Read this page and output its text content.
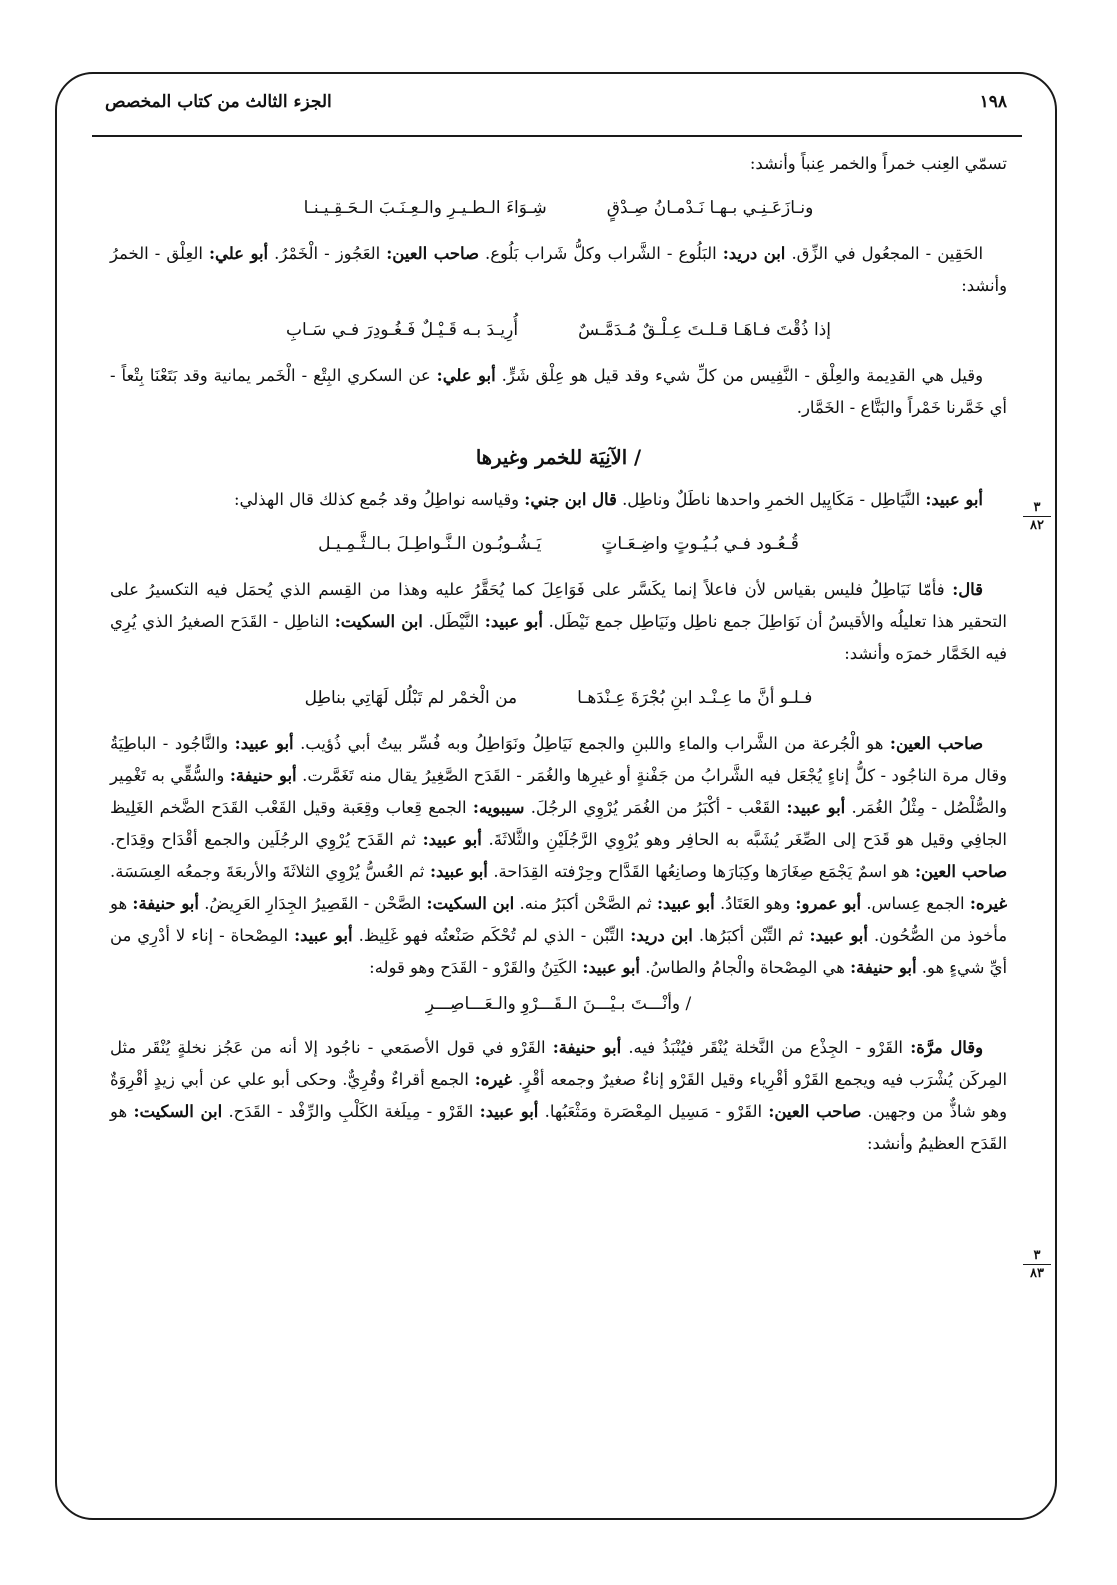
١٩٨
الجزء الثالث من كتاب المخصص
٣
٨٢
٣
٨٣

تسمّي العِنب خمراً والخمر عِنباً وأنشد:

ونـازَعَـنِـي بـهـا نَـدْمـانُ صِـدْقٍ
شِـوَاءَ الـطـيـرِ والـعِـنَـبَ الـحَـقِـيـنـا

الحَقِين - المجعُول في الزِّق. ابن دريد: البَلُوع - الشَّراب وكلُّ شَراب بَلُوع. صاحب العين: العَجُوز - الْخَمْرُ. أبو علي: العِلْق - الخمرُ وأنشد:

إذا ذُقْتَ فـاهَـا قـلـتَ عِـلْـقٌ مُـدَمَّـسٌ
أُرِيـدَ بـه قَـيْـلٌ فَـغُـودِرَ فـي سَـابِ

وقيل هي القدِيمة والعِلْق - النَّفِيس من كلِّ شيء وقد قيل هو عِلْق شَرٍّ. أبو علي: عن السكري البِتْع - الْخَمر يمانية وقد بَتَعْنَا بِتْعاً - أي خَمَّرنا خَمْراً والبَتَّاع - الخَمَّار.

/ الآنِيَة للخمر وغيرها

أبو عبيد: النَّيَاطِل - مَكَايِيل الخمرِ واحدها ناطَلٌ وناطِل. قال ابن جني: وقياسه نواطِلُ وقد جُمع كذلك قال الهذلي:

قُـعُـود فـي بُـيُـوتٍ واضِـعَـاتٍ
يَـشُـوبُـون الـنَّـواطِـلَ بـالـثَّـمِـيـل

قال: فأمّا نَيَاطِلُ فليس بقياس لأن فاعلاً إنما يكَسَّر على فَوَاعِلَ كما يُحَقَّرُ عليه وهذا من القِسم الذي يُحمَل فيه التكسيرُ على التحقير هذا تعليلُه والأقيسُ أن نَوَاطِلَ جمع ناطِل ونَيَاطِل جمع نَيْطَل. أبو عبيد: النَّيْطَل. ابن السكيت: الناطِل - القَدَح الصغيرُ الذي يُرِي فيه الخَمَّار خمرَه وأنشد:

فـلـو أنَّ ما عِـنْـد ابنِ بُجْرَةَ عِـنْدَهـا
من الْخمْر لم تَبْلُل لَهَاتِي بناطِل

صاحب العين: هو الْجُرعة من الشَّراب والماءِ واللبنِ والجمع نَيَاطِلُ ونَوَاطِلُ وبه فُسِّر بيتُ أبي ذُؤيب. أبو عبيد: والنَّاجُود - الباطِيَةُ وقال مرة الناجُود - كلُّ إناءٍ يُجْعَل فيه الشَّرابُ من جَفْنةٍ أو غيرِها والغُمَر - القَدَح الصَّغِيرُ يقال منه تَغَمَّرت. أبو حنيفة: والسُّقِّي به تَغْمِير والصُّلْصُل - مِثْلُ الغُمَر. أبو عبيد: القَعْب - أكْبَرُ من الغُمَر يُرْوِي الرجُلَ. سيبويه: الجمع قِعاب وقِعَبة وقيل القَعْب القَدَح الضَّخم الغَلِيظ الجافِي وقيل هو قَدَح إلى الصِّغَر يُشَبَّه به الحافِر وهو يُرْوِي الرَّجُلَيْنِ والثَّلاثَةَ. أبو عبيد: ثم القَدَح يُرْوِي الرجُلَين والجمع أقْدَاح وقِدَاح. صاحب العين: هو اسمٌ يَجْمَع صِغَارَها وكِبَارَها وصانِعُها القَدَّاح وحِرْفته القِدَاحة. أبو عبيد: ثم العُسُّ يُرْوِي الثلاثَةَ والأربعَةَ وجمعُه العِسَسَة. غيره: الجمع عِساس. أبو عمرو: وهو العَتَادُ. أبو عبيد: ثم الصَّحْن أكبَرُ منه. ابن السكيت: الصَّحْن - القَصِيرُ الجِدَارِ العَرِيضُ. أبو حنيفة: هو مأخوذ من الصُّحُون. أبو عبيد: ثم التِّبْن أكبَرُها. ابن دريد: التِّبْن - الذي لم تُحْكَم صَنْعتُه فهو غَلِيظ. أبو عبيد: المِصْحاة - إناء لا أدْرِي من أيِّ شيءٍ هو. أبو حنيفة: هي المِصْحاة والْجامُ والطاسُ. أبو عبيد: الكَتِنُ والقَرْو - القَدَح وهو قوله:

/ وأنْـــتَ بـيْـــنَ الـقَـــرْوِ والـعَـــاصِـــرِ

وقال مرَّة: القَرْو - الجِذْع من النَّخلة يُنْقَر فيُنْبَذُ فيه. أبو حنيفة: القَرْو في قول الأصمَعي - ناجُود إلا أنه من عَجُز نخلةٍ يُنْقَر مثل المِركَن يُشْرَب فيه ويجمع القَرْو أقْرِياء وقيل القَرْو إناءٌ صغيرٌ وجمعه أقْرٍ. غيره: الجمع أقراءٌ وقُرِيٌّ. وحكى أبو علي عن أبي زيدٍ أقْرِوَةٌ وهو شاذٌّ من وجهين. صاحب العين: القَرْو - مَسِيل المِعْصَرة ومَثْعَبُها. أبو عبيد: القَرْو - مِيلَغة الكَلْبِ والرِّفْد - القَدَح. ابن السكيت: هو القَدَح العظيمُ وأنشد:
